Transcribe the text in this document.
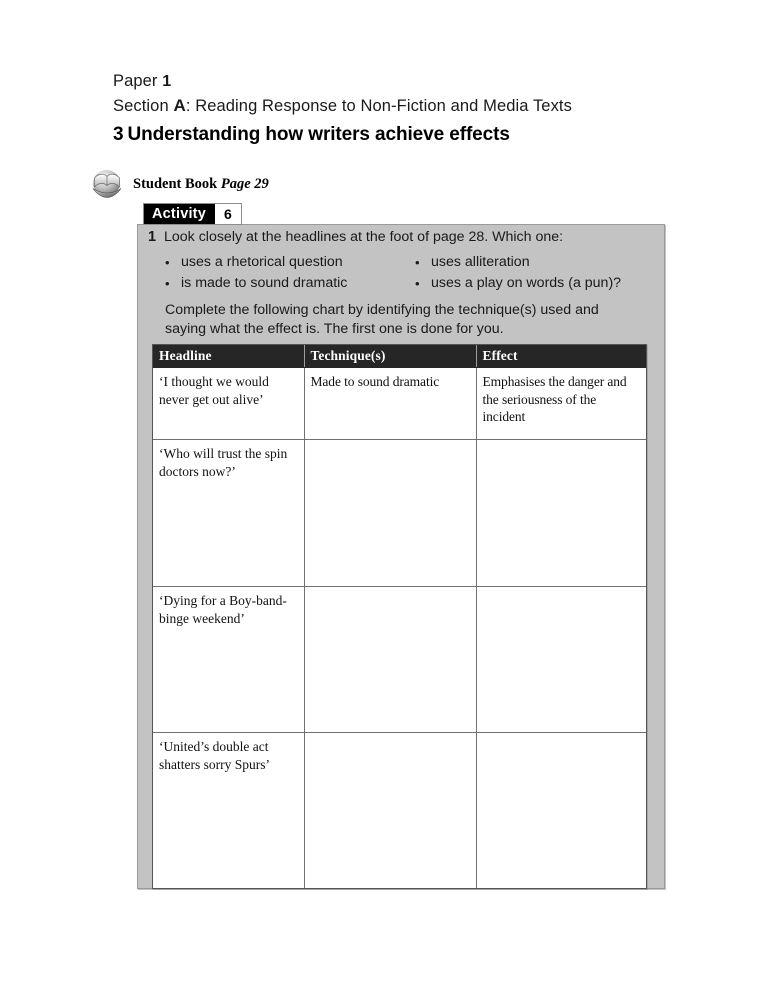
Paper 1
Section A: Reading Response to Non-Fiction and Media Texts
3 Understanding how writers achieve effects
Student Book Page 29
Activity	6
1 Look closely at the headlines at the foot of page 28. Which one:
• uses a rhetorical question
• is made to sound dramatic
• uses alliteration
• uses a play on words (a pun)?
Complete the following chart by identifying the technique(s) used and saying what the effect is. The first one is done for you.
Headline	Technique(s)	Effect
‘I thought we would never get out alive’	Made to sound dramatic	Emphasises the danger and the seriousness of the incident
‘Who will trust the spin doctors now?’		
‘Dying for a Boy-band-binge weekend’		
‘United’s double act shatters sorry Spurs’		
